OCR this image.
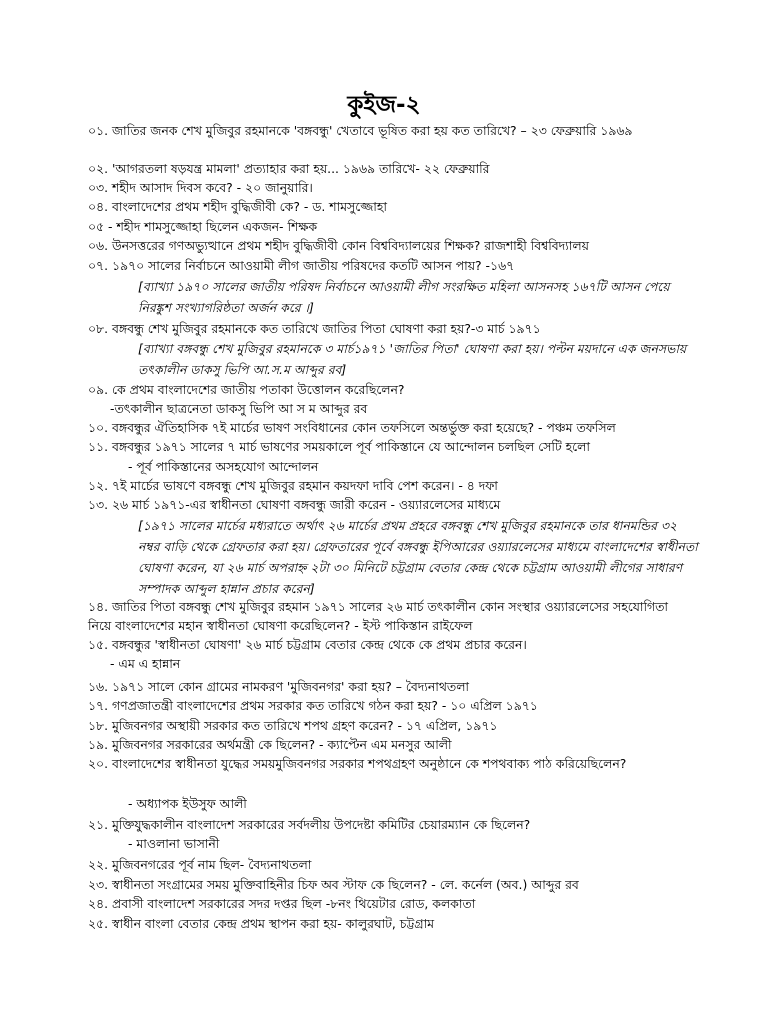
কুইজ-২
০১. জাতির জনক শেখ মুজিবুর রহমানকে 'বঙ্গবন্ধু' খেতাবে ভূষিত করা হয় কত তারিখে? – ২৩ ফেব্রুয়ারি ১৯৬৯
০২. 'আগরতলা ষড়যন্ত্র মামলা' প্রত্যাহার করা হয়... ১৯৬৯ তারিখে- ২২ ফেব্রুয়ারি
০৩. শহীদ আসাদ দিবস কবে? - ২০ জানুয়ারি।
০৪. বাংলাদেশের প্রথম শহীদ বুদ্ধিজীবী কে? - ড. শামসুজ্জোহা
০৫ - শহীদ শামসুজ্জোহা ছিলেন একজন- শিক্ষক
০৬. উনসত্তরের গণঅভ্যুত্থানে প্রথম শহীদ বুদ্ধিজীবী কোন বিশ্ববিদ্যালয়ের শিক্ষক? রাজশাহী বিশ্ববিদ্যালয়
০৭. ১৯৭০ সালের নির্বাচনে আওয়ামী লীগ জাতীয় পরিষদের কতটি আসন পায়? -১৬৭
[ব্যাখ্যা ১৯৭০ সালের জাতীয় পরিষদ নির্বাচনে আওয়ামী লীগ সংরক্ষিত মহিলা আসনসহ ১৬৭টি আসন পেয়ে নিরঙ্কুশ সংখ্যাগরিষ্ঠতা অর্জন করে ।]
০৮. বঙ্গবন্ধু শেখ মুজিবুর রহমানকে কত তারিখে জাতির পিতা ঘোষণা করা হয়?-৩ মার্চ ১৯৭১
[ব্যাখ্যা বঙ্গবন্ধু শেখ মুজিবুর রহমানকে ৩ মার্চ১৯৭১ 'জাতির পিতা' ঘোষণা করা হয়। পল্টন ময়দানে এক জনসভায় তৎকালীন ডাকসু ভিপি আ.স.ম আব্দুর রব]
০৯. কে প্রথম বাংলাদেশের জাতীয় পতাকা উত্তোলন করেছিলেন?
-তৎকালীন ছাত্রনেতা ডাকসু ভিপি আ স ম আব্দুর রব
১০. বঙ্গবন্ধুর ঐতিহাসিক ৭ই মার্চের ভাষণ সংবিধানের কোন তফসিলে অন্তর্ভুক্ত করা হয়েছে? - পঞ্চম তফসিল
১১. বঙ্গবন্ধুর ১৯৭১ সালের ৭ মার্চ ভাষণের সময়কালে পূর্ব পাকিস্তানে যে আন্দোলন চলছিল সেটি হলো
- পূর্ব পাকিস্তানের অসহযোগ আন্দোলন
১২. ৭ই মার্চের ভাষণে বঙ্গবন্ধু শেখ মুজিবুর রহমান কয়দফা দাবি পেশ করেন। - ৪ দফা
১৩. ২৬ মার্চ ১৯৭১-এর স্বাধীনতা ঘোষণা বঙ্গবন্ধু জারী করেন - ওয়্যারলেসের মাধ্যমে
[১৯৭১ সালের মার্চের মধ্যরাতে অর্থাৎ ২৬ মার্চের প্রথম প্রহরে বঙ্গবন্ধু শেখ মুজিবুর রহমানকে তার ধানমন্ডির ৩২ নম্বর বাড়ি থেকে গ্রেফতার করা হয়। গ্রেফতারের পূর্বে বঙ্গবন্ধু ইপিআরের ওয়্যারলেসের মাধ্যমে বাংলাদেশের স্বাধীনতা ঘোষণা করেন, যা ২৬ মার্চ অপরাহ্ন ২টা ৩০ মিনিটে চট্টগ্রাম বেতার কেন্দ্র থেকে চট্টগ্রাম আওয়ামী লীগের সাধারণ সম্পাদক আব্দুল হান্নান প্রচার করেন]
১৪. জাতির পিতা বঙ্গবন্ধু শেখ মুজিবুর রহমান ১৯৭১ সালের ২৬ মার্চ তৎকালীন কোন সংস্থার ওয়্যারলেসের সহযোগিতা নিয়ে বাংলাদেশের মহান স্বাধীনতা ঘোষণা করেছিলেন? - ইস্ট পাকিস্তান রাইফেল
১৫. বঙ্গবন্ধুর 'স্বাধীনতা ঘোষণা' ২৬ মার্চ চট্টগ্রাম বেতার কেন্দ্র থেকে কে প্রথম প্রচার করেন।
- এম এ হান্নান
১৬. ১৯৭১ সালে কোন গ্রামের নামকরণ 'মুজিবনগর' করা হয়? – বৈদ্যনাথতলা
১৭. গণপ্রজাতন্ত্রী বাংলাদেশের প্রথম সরকার কত তারিখে গঠন করা হয়? - ১০ এপ্রিল ১৯৭১
১৮. মুজিবনগর অস্থায়ী সরকার কত তারিখে শপথ গ্রহণ করেন? - ১৭ এপ্রিল, ১৯৭১
১৯. মুজিবনগর সরকারের অর্থমন্ত্রী কে ছিলেন? - ক্যাপ্টেন এম মনসুর আলী
২০. বাংলাদেশের স্বাধীনতা যুদ্ধের সময়মুজিবনগর সরকার শপথগ্রহণ অনুষ্ঠানে কে শপথবাক্য পাঠ করিয়েছিলেন?
- অধ্যাপক ইউসুফ আলী
২১. মুক্তিযুদ্ধকালীন বাংলাদেশ সরকারের সর্বদলীয় উপদেষ্টা কমিটির চেয়ারম্যান কে ছিলেন?
- মাওলানা ভাসানী
২২. মুজিবনগরের পূর্ব নাম ছিল- বৈদ্যনাথতলা
২৩. স্বাধীনতা সংগ্রামের সময় মুক্তিবাহিনীর চিফ অব স্টাফ কে ছিলেন? - লে. কর্নেল (অব.) আব্দুর রব
২৪. প্রবাসী বাংলাদেশ সরকারের সদর দপ্তর ছিল -৮নং থিয়েটার রোড, কলকাতা
২৫. স্বাধীন বাংলা বেতার কেন্দ্র প্রথম স্থাপন করা হয়- কালুরঘাট, চট্টগ্রাম
